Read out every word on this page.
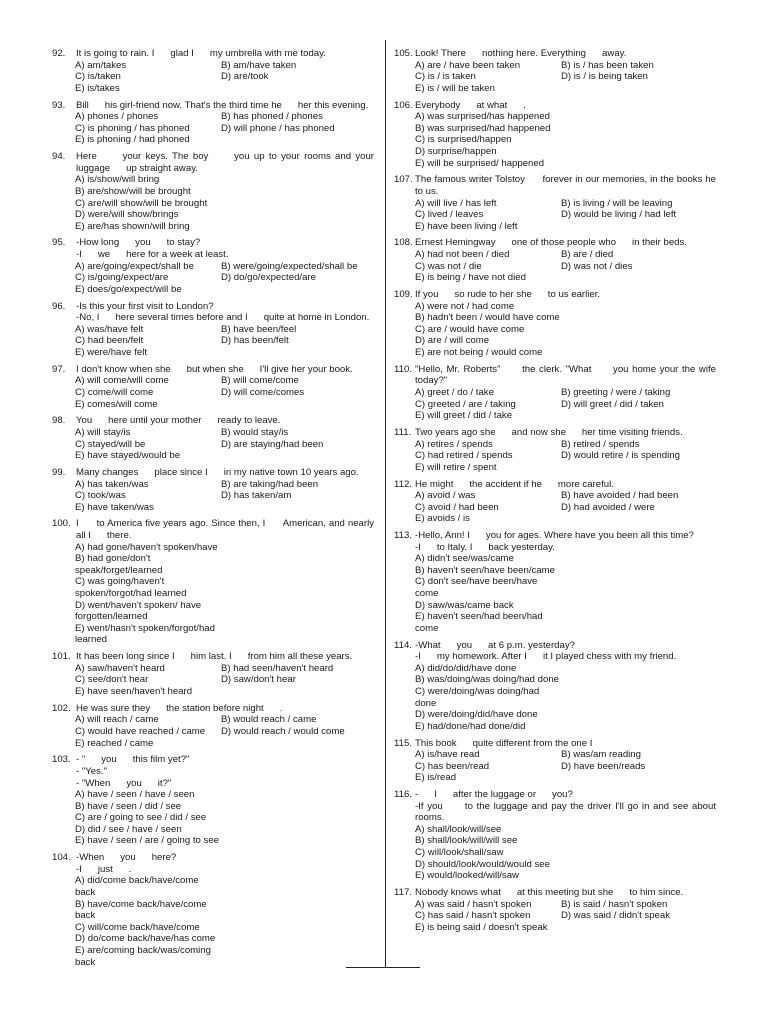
92.	It is going to rain. I      glad I      my umbrella with me today.
A) am/takes	B) am/have taken
C) is/taken	D) are/took
E) is/takes
93.	Bill      his girl-friend now. That's the third time he      her this evening.
A) phones / phones	B) has phoned / phones
C) is phoning / has phoned	D) will phone / has phoned
E) is phoning / had phoned
94.	Here      your keys. The boy      you up to your rooms and your luggage      up straight away.
A) is/show/will bring
B) are/show/will be brought
C) are/will show/will be brought
D) were/will show/brings
E) are/has shown/will bring
95.	-How long      you      to stay?
-I      we      here for a week at least.
A) are/going/expect/shall be	B) were/going/expected/shall be
C) is/going/expect/are	D) do/go/expected/are
E) does/go/expect/will be
96.	-Is this your first visit to London?
-No, I      here several times before and I      quite at home in London.
A) was/have felt	B) have been/feel
C) had been/felt	D) has been/felt
E) were/have felt
97.	I don't know when she      but when she      I'll give her your book.
A) will come/will come	B) will come/come
C) come/will come	D) will come/comes
E) comes/will come
98.	You      here until your mother      ready to leave.
A) will stay/is	B) would stay/is
C) stayed/will be	D) are staying/had been
E) have stayed/would be
99.	Many changes      place since I      in my native town 10 years ago.
A) has taken/was	B) are taking/had been
C) took/was	D) has taken/am
E) have taken/was
100. I      to America five years ago. Since then, I      American, and nearly all I      there.
A) had gone/haven't spoken/have
B) had gone/don't speak/forget/learned
C) was going/haven't spoken/forgot/had learned
D) went/haven't spoken/ have forgotten/learned
E) went/hasn't spoken/forgot/had learned
101. It has been long since I      him last. I      from him all these years.
A) saw/haven't heard	B) had seen/haven't heard
C) see/don't hear	D) saw/don't hear
E) have seen/haven't heard
102. He was sure they      the station before night      .
A) will reach / came	B) would reach / came
C) would have reached / came	D) would reach / would come
E) reached / came
103. - "      you      this film yet?"
- "Yes."
- "When      you      it?"
A) have / seen / have / seen
B) have / seen / did / see
C) are / going to see / did / see
D) did / see / have / seen
E) have / seen / are / going to see
104. -When      you      here?
-I      just      .
A) did/come back/have/come back
B) have/come back/have/come back
C) will/come back/have/come
D) do/come back/have/has come
E) are/coming back/was/coming back
105. Look! There      nothing here. Everything      away.
A) are / have been taken	B) is / has been taken
C) is / is taken	D) is / is being taken
E) is / will be taken
106. Everybody      at what      .
A) was surprised/has happened
B) was surprised/had happened
C) is surprised/happen
D) surprise/happen
E) will be surprised/ happened
107. The famous writer Tolstoy      forever in our memories, in the books he      to us.
A) will live / has left	B) is living / will be leaving
C) lived / leaves	D) would be living / had left
E) have been living / left
108. Ernest Hemingway      one of those people who      in their beds.
A) had not been / died	B) are / died
C) was not / die	D) was not / dies
E) is being / have not died
109. If you      so rude to her she      to us earlier.
A) were not / had come
B) hadn't been / would have come
C) are / would have come
D) are / will come
E) are not being / would come
110. "Hello, Mr. Roberts"      the clerk. "What      you home your the wife today?"
A) greet / do / take	B) greeting / were / taking
C) greeted / are / taking	D) will greet / did / taken
E) will greet / did / take
111. Two years ago she      and now she      her time visiting friends.
A) retires / spends	B) retired / spends
C) had retired / spends	D) would retire / is spending
E) will retire / spent
112. He might      the accident if he      more careful.
A) avoid / was	B) have avoided / had been
C) avoid / had been	D) had avoided / were
E) avoids / is
113. -Hello, Ann! I      you for ages. Where have you been all this time?
-I      to Italy. I      back yesterday.
A) didn't see/was/came
B) haven't seen/have been/came
C) don't see/have been/have come
D) saw/was/came back
E) haven't seen/had been/had come
114. -What      you      at 6 p.m. yesterday?
-I      my homework. After I      it I played chess with my friend.
A) did/do/did/have done
B) was/doing/was doing/had done
C) were/doing/was doing/had done
D) were/doing/did/have done
E) had/done/had done/did
115. This book      quite different from the one I
A) is/have read	B) was/am reading
C) has been/read	D) have been/reads
E) is/read
116. -      I      after the luggage or      you?
-If you      to the luggage and pay the driver I'll go in and see about rooms.
A) shall/look/will/see
B) shall/look/will/will see
C) will/look/shall/saw
D) should/look/would/would see
E) would/looked/will/saw
117. Nobody knows what      at this meeting but she      to him since.
A) was said / hasn't spoken	B) is said / hasn't spoken
C) has said / hasn't spoken	D) was said / didn't speak
E) is being said / doesn't speak
